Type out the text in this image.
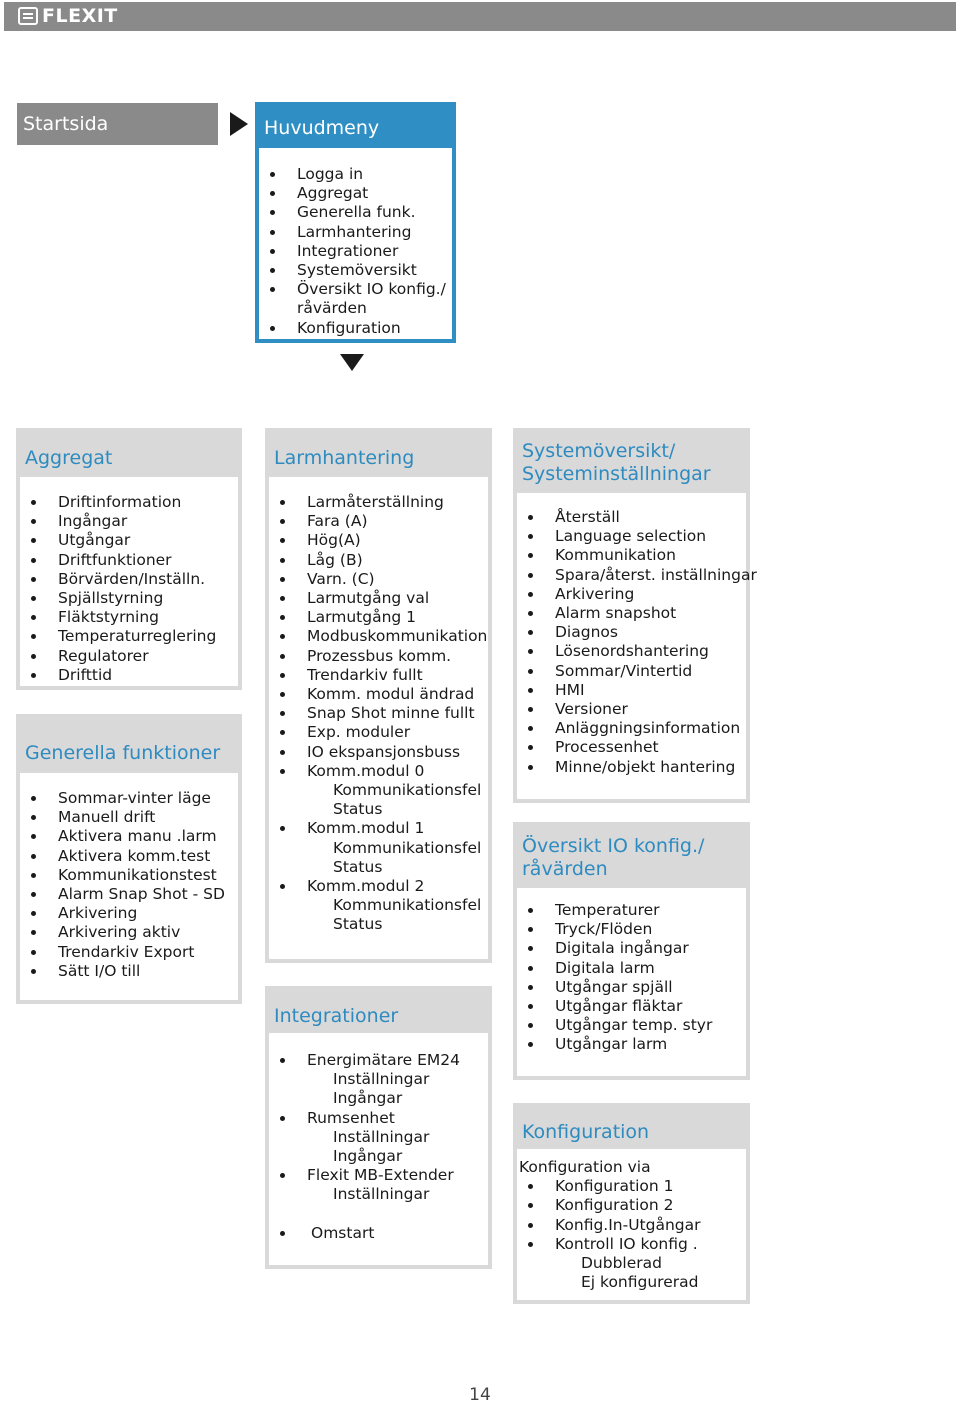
FLEXIT
Startsida	Huvudmeny
Logga in
Aggregat
Generella funk.
Larmhantering
Integrationer
Systemöversikt
Översikt IO konfig./
råvärden
Konfiguration
Aggregat
Driftinformation
Ingångar
Utgångar
Driftfunktioner
Börvärden/Inställn.
Spjällstyrning
Fläktstyrning
Temperaturreglering
Regulatorer
Drifttid
Generella funktioner
Sommar-vinter läge
Manuell drift
Aktivera manu .larm
Aktivera komm.test
Kommunikationstest
Alarm Snap Shot - SD
Arkivering
Arkivering aktiv
Trendarkiv Export
Sätt I/O till
Larmhantering
Larmåterställning
Fara (A)
Hög(A)
Låg (B)
Varn. (C)
Larmutgång val
Larmutgång 1
Modbuskommunikation
Prozessbus komm.
Trendarkiv fullt
Komm. modul ändrad
Snap Shot minne fullt
Exp. moduler
IO ekspansjonsbuss
Komm.modul 0
Kommunikationsfel
Status
Komm.modul 1
Kommunikationsfel
Status
Komm.modul 2
Kommunikationsfel
Status
Integrationer
Energimätare EM24
Inställningar
Ingångar
Rumsenhet
Inställningar
Ingångar
Flexit MB-Extender
Inställningar
Omstart
Systemöversikt/
Systeminställningar
Återställ
Language selection
Kommunikation
Spara/återst. inställningar
Arkivering
Alarm snapshot
Diagnos
Lösenordshantering
Sommar/Vintertid
HMI
Versioner
Anläggningsinformation
Processenhet
Minne/objekt hantering
Översikt IO konfig./
råvärden
Temperaturer
Tryck/Flöden
Digitala ingångar
Digitala larm
Utgångar spjäll
Utgångar fläktar
Utgångar temp. styr
Utgångar larm
Konfiguration
Konfiguration via
Konfiguration 1
Konfiguration 2
Konfig.In-Utgångar
Kontroll IO konfig .
Dubblerad
Ej konfigurerad
14
